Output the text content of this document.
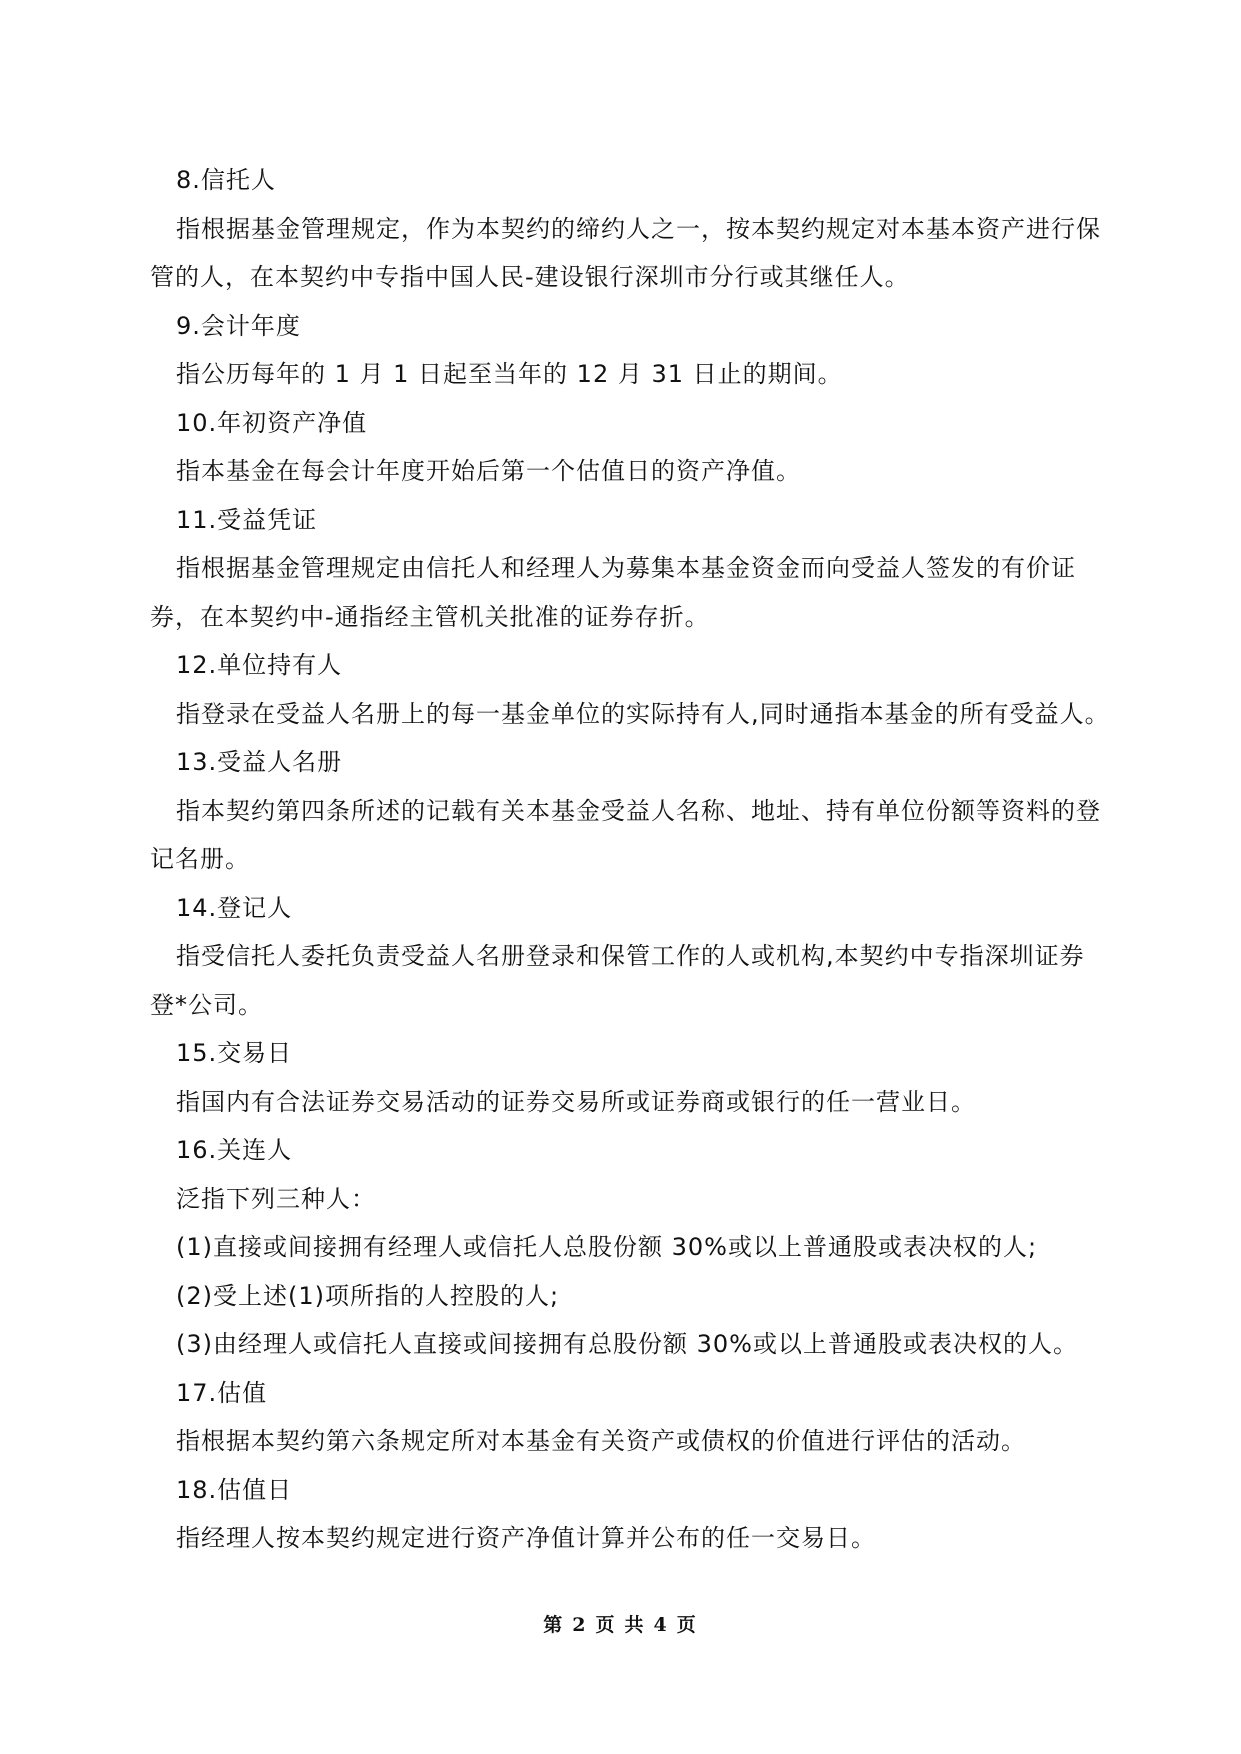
8.信托人
指根据基金管理规定，作为本契约的缔约人之一，按本契约规定对本基本资产进行保
管的人，在本契约中专指中国人民-建设银行深圳市分行或其继任人。
9.会计年度
指公历每年的 1 月 1 日起至当年的 12 月 31 日止的期间。
10.年初资产净值
指本基金在每会计年度开始后第一个估值日的资产净值。
11.受益凭证
指根据基金管理规定由信托人和经理人为募集本基金资金而向受益人签发的有价证
券，在本契约中-通指经主管机关批准的证券存折。
12.单位持有人
指登录在受益人名册上的每一基金单位的实际持有人,同时通指本基金的所有受益人。
13.受益人名册
指本契约第四条所述的记载有关本基金受益人名称、地址、持有单位份额等资料的登
记名册。
14.登记人
指受信托人委托负责受益人名册登录和保管工作的人或机构,本契约中专指深圳证券
登*公司。
15.交易日
指国内有合法证券交易活动的证券交易所或证券商或银行的任一营业日。
16.关连人
泛指下列三种人：
(1)直接或间接拥有经理人或信托人总股份额 30%或以上普通股或表决权的人;
(2)受上述(1)项所指的人控股的人;
(3)由经理人或信托人直接或间接拥有总股份额 30%或以上普通股或表决权的人。
17.估值
指根据本契约第六条规定所对本基金有关资产或债权的价值进行评估的活动。
18.估值日
指经理人按本契约规定进行资产净值计算并公布的任一交易日。
第 2 页 共 4 页
